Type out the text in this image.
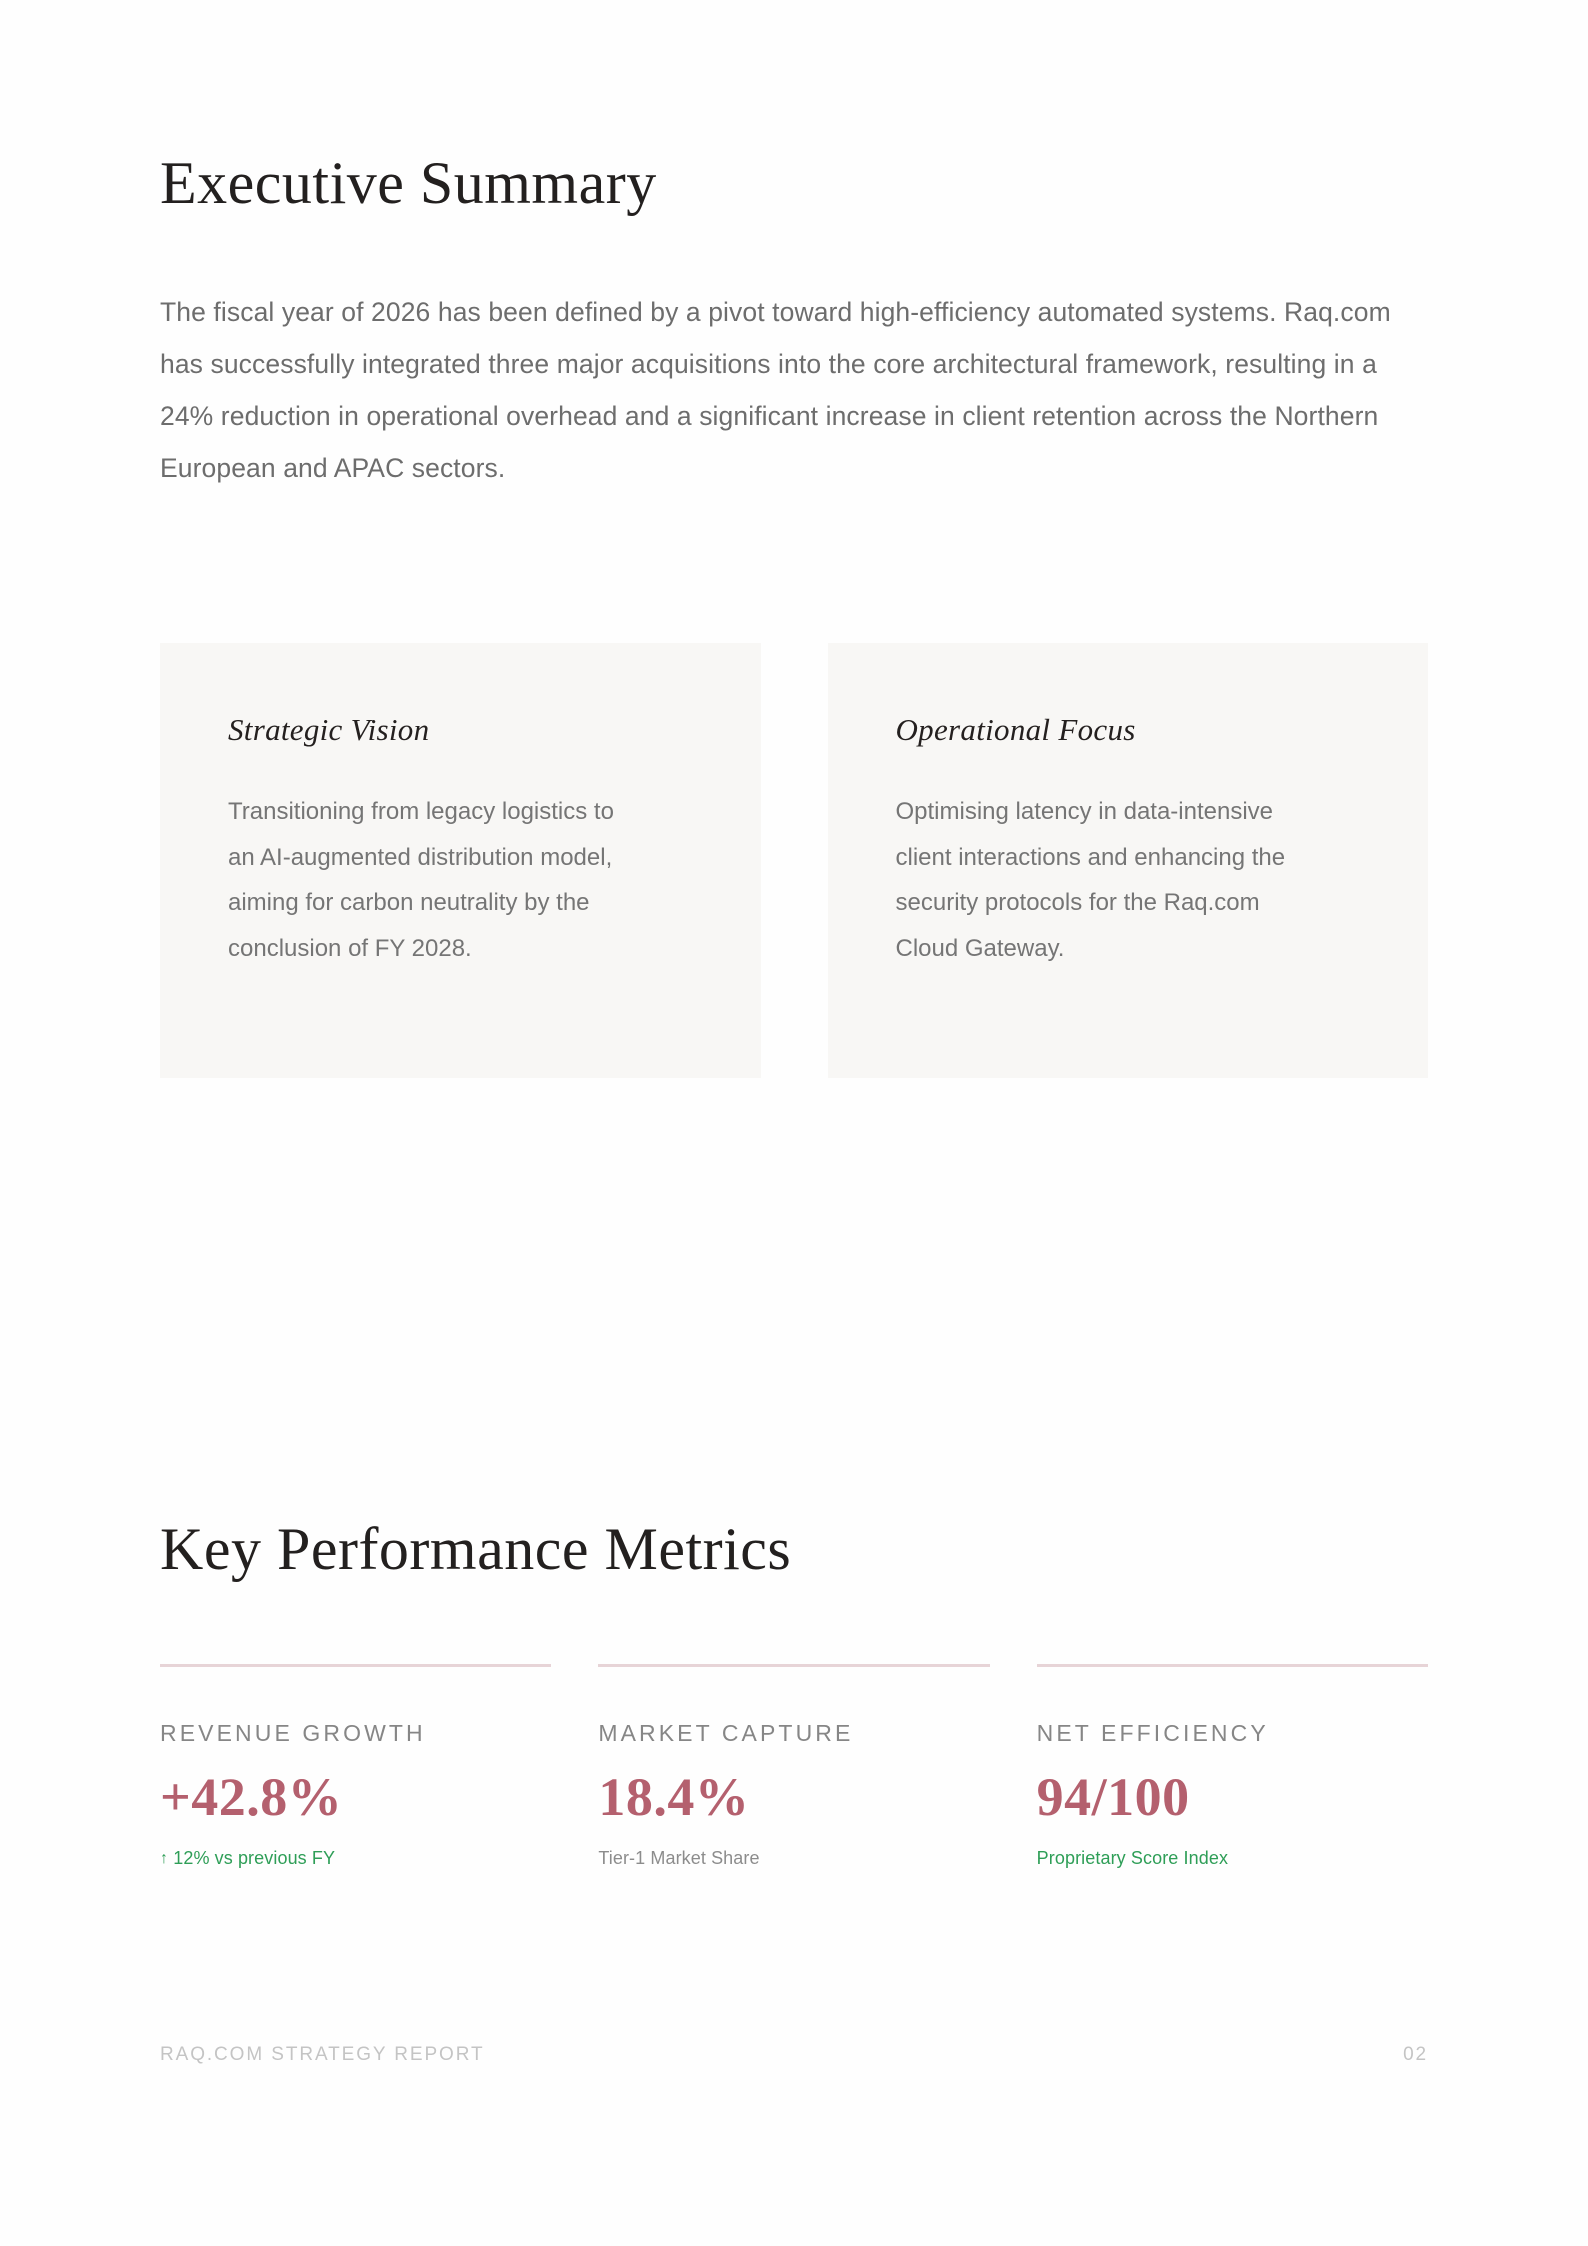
Executive Summary

The fiscal year of 2026 has been defined by a pivot toward high-efficiency automated systems. Raq.com has successfully integrated three major acquisitions into the core architectural framework, resulting in a 24% reduction in operational overhead and a significant increase in client retention across the Northern European and APAC sectors.

Strategic Vision

Transitioning from legacy logistics to an AI-augmented distribution model, aiming for carbon neutrality by the conclusion of FY 2028.

Operational Focus

Optimising latency in data-intensive client interactions and enhancing the security protocols for the Raq.com Cloud Gateway.

Key Performance Metrics
REVENUE GROWTH
+42.8%

↑ 12% vs previous FY

MARKET CAPTURE
18.4%

Tier-1 Market Share

NET EFFICIENCY
94/100

Proprietary Score Index

RAQ.COM STRATEGY REPORT	02
